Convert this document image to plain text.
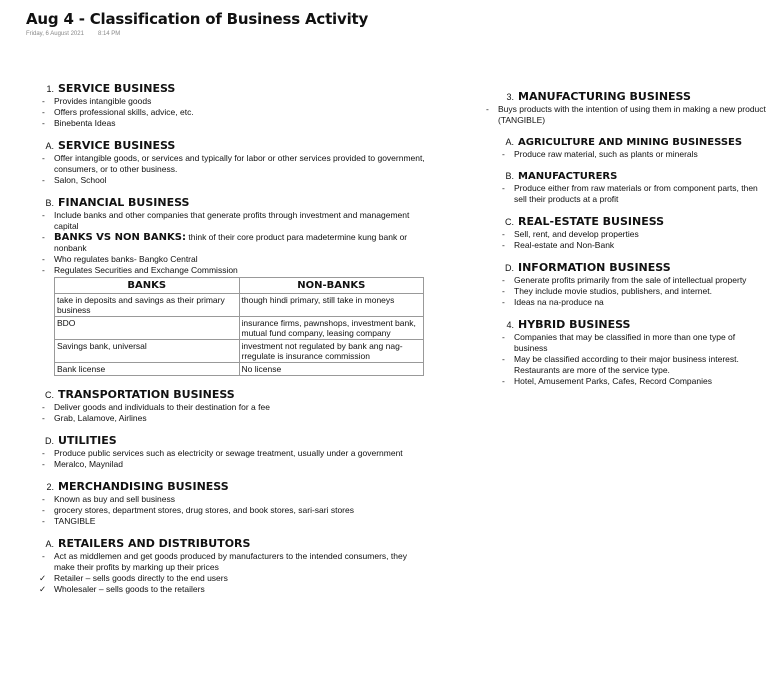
Aug 4 - Classification of Business Activity
Friday, 6 August 2021 8:14 PM
1. SERVICE BUSINESS
- Provides intangible goods
- Offers professional skills, advice, etc.
- Binebenta Ideas
A. SERVICE BUSINESS
- Offer intangible goods, or services and typically for labor or other services provided to government, consumers, or to other business.
- Salon, School
B. FINANCIAL BUSINESS
- Include banks and other companies that generate profits through investment and management capital
- BANKS VS NON BANKS: think of their core product para madetermine kung bank or nonbank
- Who regulates banks- Bangko Central
- Regulates Securities and Exchange Commission
BANKS	NON-BANKS
take in deposits and savings as their primary business	though hindi primary, still take in moneys
BDO	insurance firms, pawnshops, investment bank, mutual fund company, leasing company
Savings bank, universal	investment not regulated by bank ang nag-rregulate is insurance commission
Bank license	No license
C. TRANSPORTATION BUSINESS
- Deliver goods and individuals to their destination for a fee
- Grab, Lalamove, Airlines
D. UTILITIES
- Produce public services such as electricity or sewage treatment, usually under a government
- Meralco, Maynilad
2. MERCHANDISING BUSINESS
- Known as buy and sell business
- grocery stores, department stores, drug stores, and book stores, sari-sari stores
- TANGIBLE
A. RETAILERS AND DISTRIBUTORS
- Act as middlemen and get goods produced by manufacturers to the intended consumers, they make their profits by marking up their prices
✓ Retailer – sells goods directly to the end users
✓ Wholesaler – sells goods to the retailers
3. MANUFACTURING BUSINESS
- Buys products with the intention of using them in making a new product (TANGIBLE)
A. AGRICULTURE AND MINING BUSINESSES
- Produce raw material, such as plants or minerals
B. MANUFACTURERS
- Produce either from raw materials or from component parts, then sell their products at a profit
C. REAL-ESTATE BUSINESS
- Sell, rent, and develop properties
- Real-estate and Non-Bank
D. INFORMATION BUSINESS
- Generate profits primarily from the sale of intellectual property
- They include movie studios, publishers, and internet.
- Ideas na na-produce na
4. HYBRID BUSINESS
- Companies that may be classified in more than one type of business
- May be classified according to their major business interest. Restaurants are more of the service type.
- Hotel, Amusement Parks, Cafes, Record Companies
